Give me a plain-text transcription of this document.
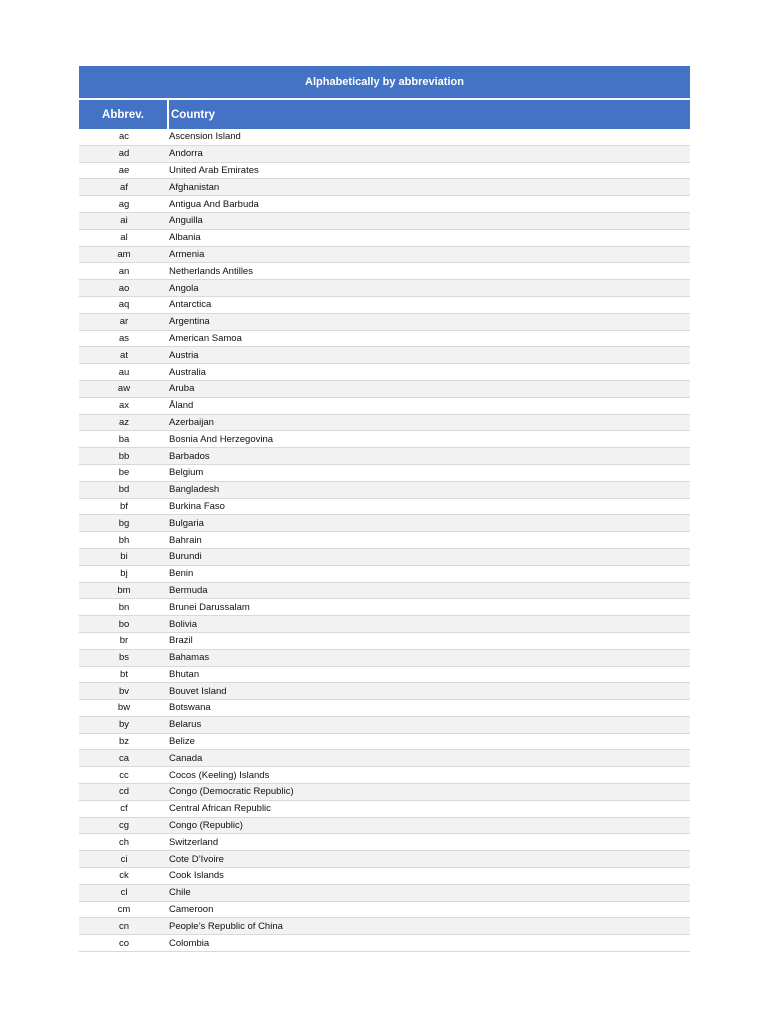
Alphabetically by abbreviation
Abbrev.	Country
ac	Ascension Island
ad	Andorra
ae	United Arab Emirates
af	Afghanistan
ag	Antigua And Barbuda
ai	Anguilla
al	Albania
am	Armenia
an	Netherlands Antilles
ao	Angola
aq	Antarctica
ar	Argentina
as	American Samoa
at	Austria
au	Australia
aw	Aruba
ax	Åland
az	Azerbaijan
ba	Bosnia And Herzegovina
bb	Barbados
be	Belgium
bd	Bangladesh
bf	Burkina Faso
bg	Bulgaria
bh	Bahrain
bi	Burundi
bj	Benin
bm	Bermuda
bn	Brunei Darussalam
bo	Bolivia
br	Brazil
bs	Bahamas
bt	Bhutan
bv	Bouvet Island
bw	Botswana
by	Belarus
bz	Belize
ca	Canada
cc	Cocos (Keeling) Islands
cd	Congo (Democratic Republic)
cf	Central African Republic
cg	Congo (Republic)
ch	Switzerland
ci	Cote D’Ivoire
ck	Cook Islands
cl	Chile
cm	Cameroon
cn	People’s Republic of China
co	Colombia
